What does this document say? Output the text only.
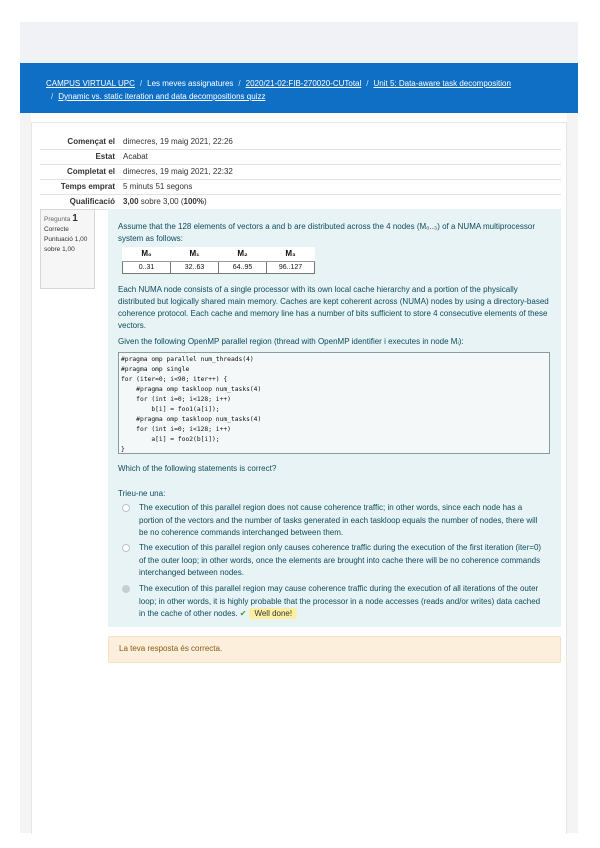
CAMPUS VIRTUAL UPC / Les meves assignatures / 2020/21-02:FIB-270020-CUTotal / Unit 5: Data-aware task decomposition
/ Dynamic vs. static iteration and data decompositions quizz
Començat el	dimecres, 19 maig 2021, 22:26
Estat	Acabat
Completat el	dimecres, 19 maig 2021, 22:32
Temps emprat	5 minuts 51 segons
Qualificació	3,00 sobre 3,00 (100%)
Pregunta 1
Correcte
Puntuació 1,00 sobre 1,00
Assume that the 128 elements of vectors a and b are distributed across the 4 nodes (M₀..₃) of a NUMA multiprocessor system as follows:
M₀	M₁	M₂	M₃
0..31	32..63	64..95	96..127
Each NUMA node consists of a single processor with its own local cache hierarchy and a portion of the physically distributed but logically shared main memory. Caches are kept coherent across (NUMA) nodes by using a directory-based coherence protocol. Each cache and memory line has a number of bits sufficient to store 4 consecutive elements of these vectors.
Given the following OpenMP parallel region (thread with OpenMP identifier i executes in node Mᵢ):
#pragma omp parallel num_threads(4)
#pragma omp single
for (iter=0; i<90; iter++) {
#pragma omp taskloop num_tasks(4)
for (int i=0; i<128; i++)
b[i] = foo1(a[i]);
#pragma omp taskloop num_tasks(4)
for (int i=0; i<128; i++)
a[i] = foo2(b[i]);
}
Which of the following statements is correct?
Trieu-ne una:
The execution of this parallel region does not cause coherence traffic; in other words, since each node has a portion of the vectors and the number of tasks generated in each taskloop equals the number of nodes, there will be no coherence commands interchanged between them.
The execution of this parallel region only causes coherence traffic during the execution of the first iteration (iter=0) of the outer loop; in other words, once the elements are brought into cache there will be no coherence commands interchanged between nodes.
The execution of this parallel region may cause coherence traffic during the execution of all iterations of the outer loop; in other words, it is highly probable that the processor in a node accesses (reads and/or writes) data cached in the cache of other nodes. ✔ Well done!
La teva resposta és correcta.
